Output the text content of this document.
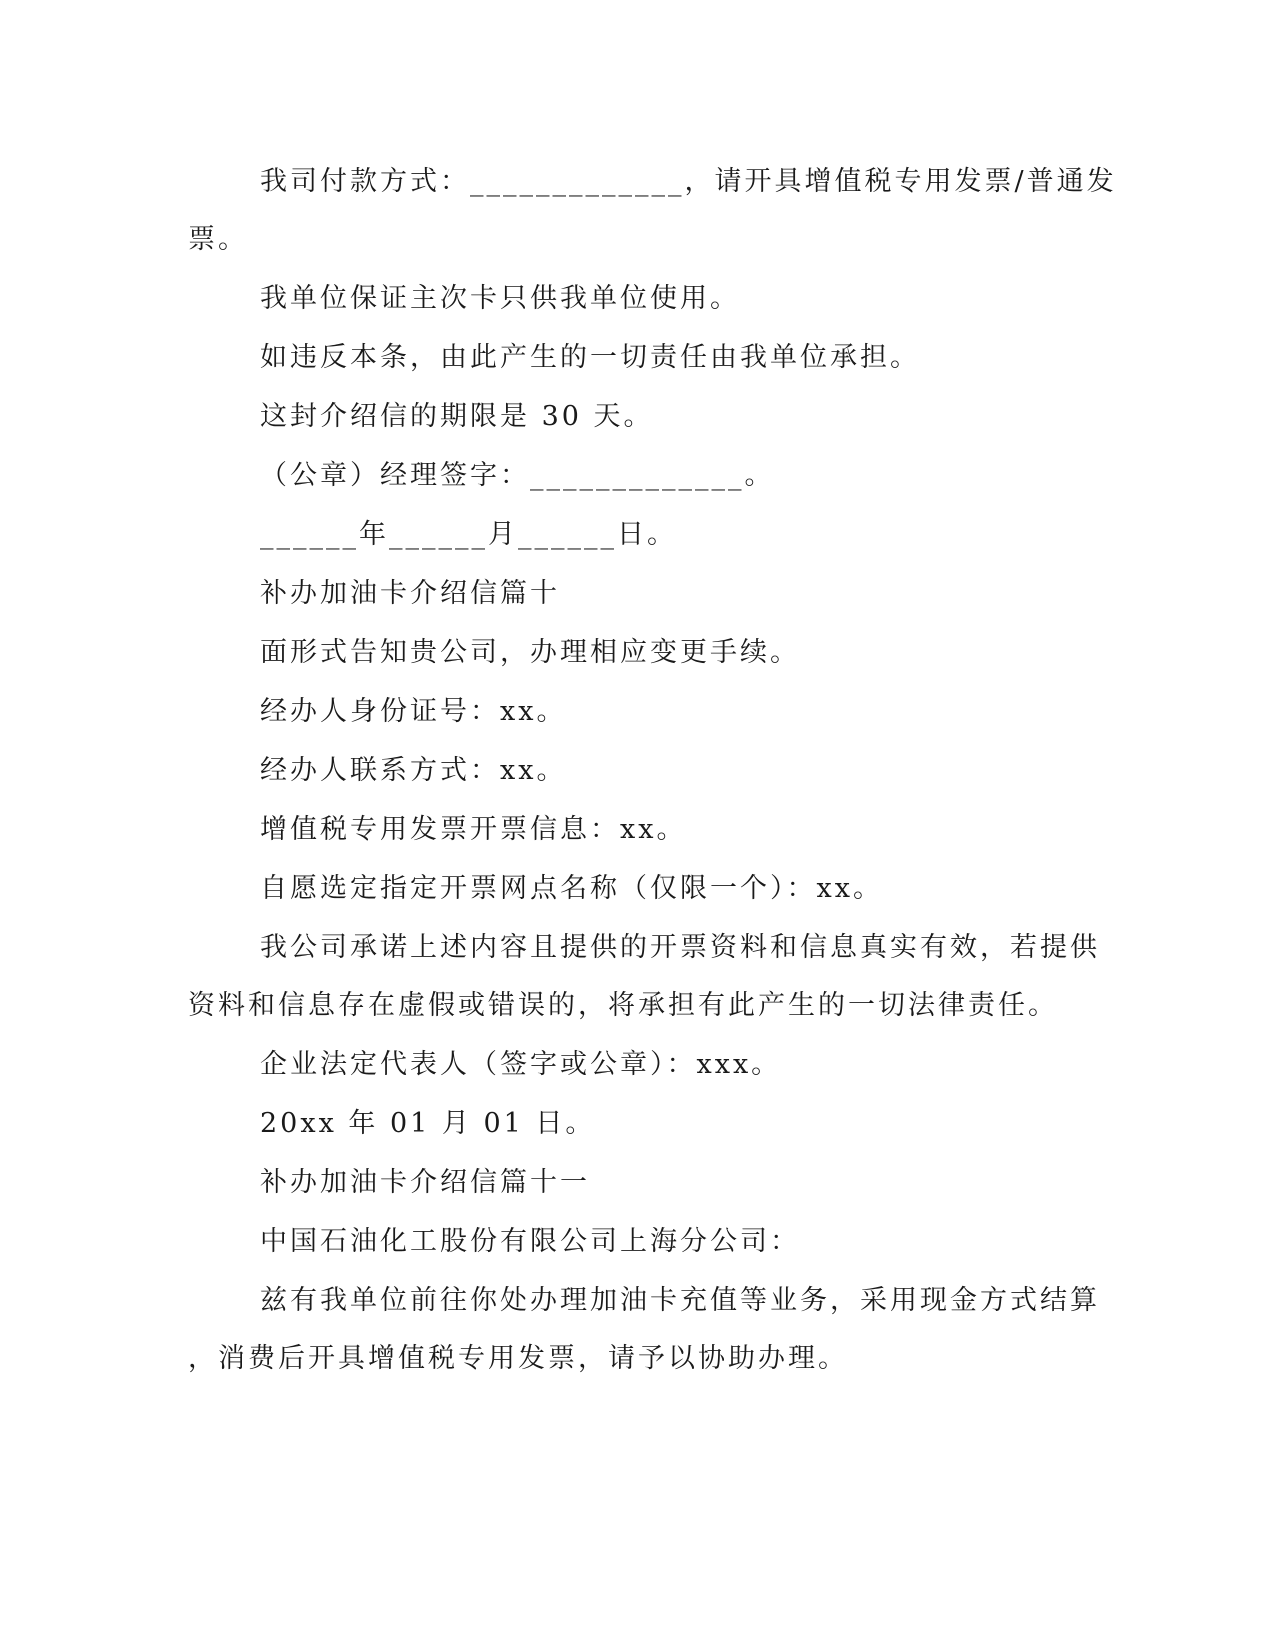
我司付款方式：_____________，请开具增值税专用发票/普通发
票。
我单位保证主次卡只供我单位使用。
如违反本条，由此产生的一切责任由我单位承担。
这封介绍信的期限是 30 天。
（公章）经理签字：_____________。
______年______月______日。
补办加油卡介绍信篇十
面形式告知贵公司，办理相应变更手续。
经办人身份证号：xx。
经办人联系方式：xx。
增值税专用发票开票信息：xx。
自愿选定指定开票网点名称（仅限一个）：xx。
我公司承诺上述内容且提供的开票资料和信息真实有效，若提供
资料和信息存在虚假或错误的，将承担有此产生的一切法律责任。
企业法定代表人（签字或公章）：xxx。
20xx 年 01 月 01 日。
补办加油卡介绍信篇十一
中国石油化工股份有限公司上海分公司：
兹有我单位前往你处办理加油卡充值等业务，采用现金方式结算
，消费后开具增值税专用发票，请予以协助办理。
